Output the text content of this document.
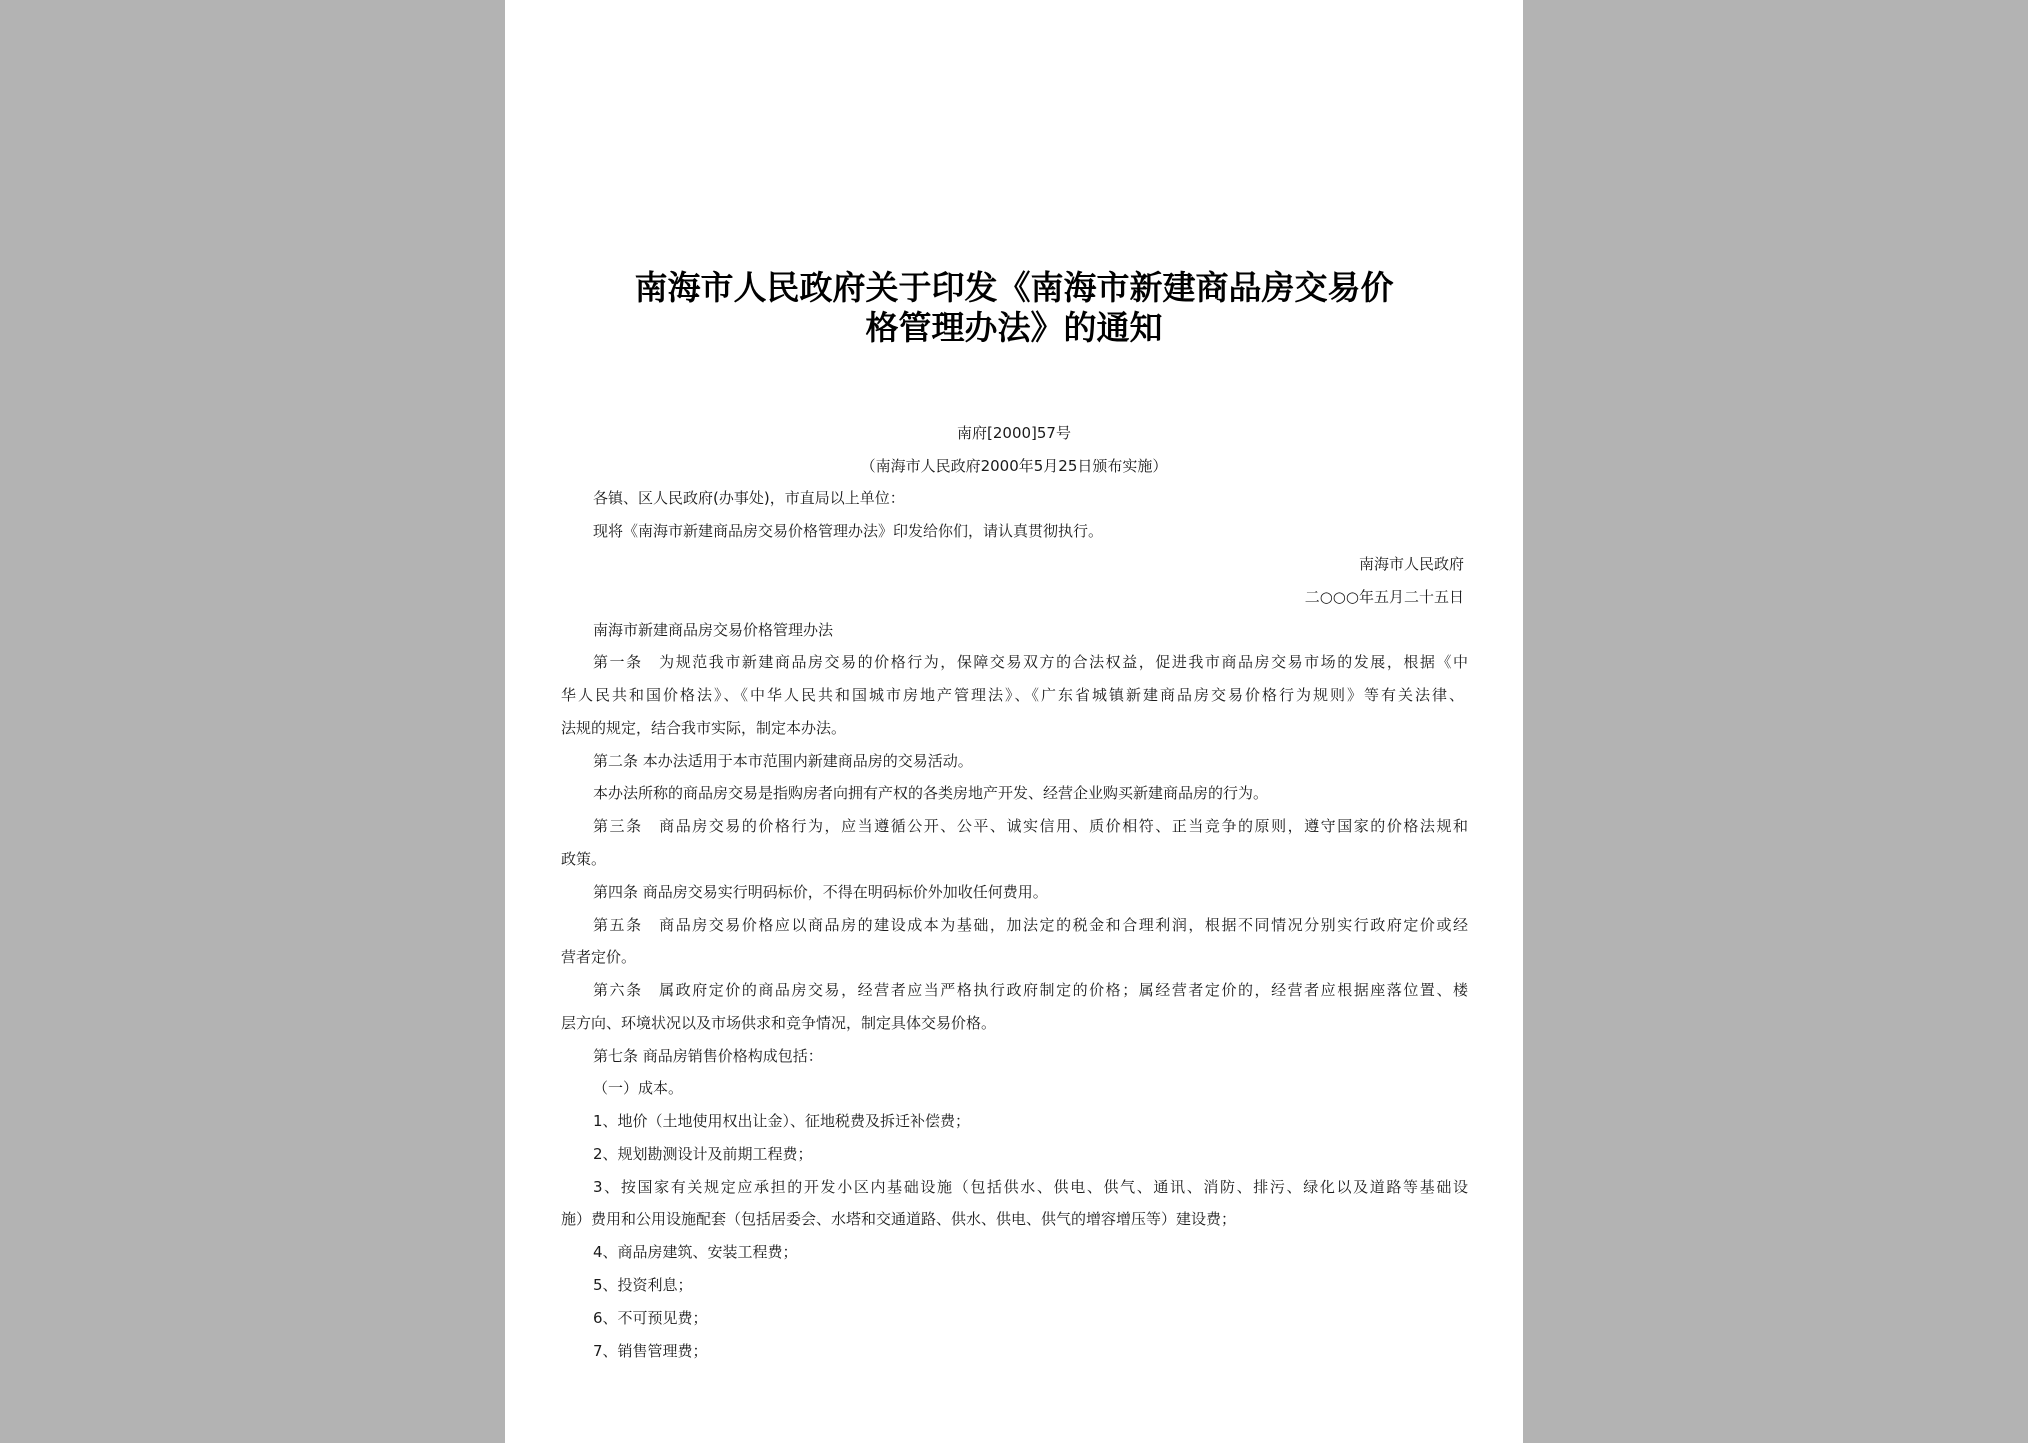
南海市人民政府关于印发《南海市新建商品房交易价
格管理办法》的通知
南府[2000]57号
（南海市人民政府2000年5月25日颁布实施）
各镇、区人民政府(办事处)，市直局以上单位：
现将《南海市新建商品房交易价格管理办法》印发给你们，请认真贯彻执行。
南海市人民政府
二○○○年五月二十五日
南海市新建商品房交易价格管理办法
第一条　为规范我市新建商品房交易的价格行为，保障交易双方的合法权益，促进我市商品房交易市场的发展，根据《中
华人民共和国价格法》、《中华人民共和国城市房地产管理法》、《广东省城镇新建商品房交易价格行为规则》等有关法律、
法规的规定，结合我市实际，制定本办法。
第二条 本办法适用于本市范围内新建商品房的交易活动。
本办法所称的商品房交易是指购房者向拥有产权的各类房地产开发、经营企业购买新建商品房的行为。
第三条　商品房交易的价格行为，应当遵循公开、公平、诚实信用、质价相符、正当竞争的原则，遵守国家的价格法规和
政策。
第四条 商品房交易实行明码标价，不得在明码标价外加收任何费用。
第五条　商品房交易价格应以商品房的建设成本为基础，加法定的税金和合理利润，根据不同情况分别实行政府定价或经
营者定价。
第六条　属政府定价的商品房交易，经营者应当严格执行政府制定的价格；属经营者定价的，经营者应根据座落位置、楼
层方向、环境状况以及市场供求和竞争情况，制定具体交易价格。
第七条 商品房销售价格构成包括：
（一）成本。
1、地价（土地使用权出让金）、征地税费及拆迁补偿费；
2、规划勘测设计及前期工程费；
3、按国家有关规定应承担的开发小区内基础设施（包括供水、供电、供气、通讯、消防、排污、绿化以及道路等基础设
施）费用和公用设施配套（包括居委会、水塔和交通道路、供水、供电、供气的增容增压等）建设费；
4、商品房建筑、安装工程费；
5、投资利息；
6、不可预见费；
7、销售管理费；
